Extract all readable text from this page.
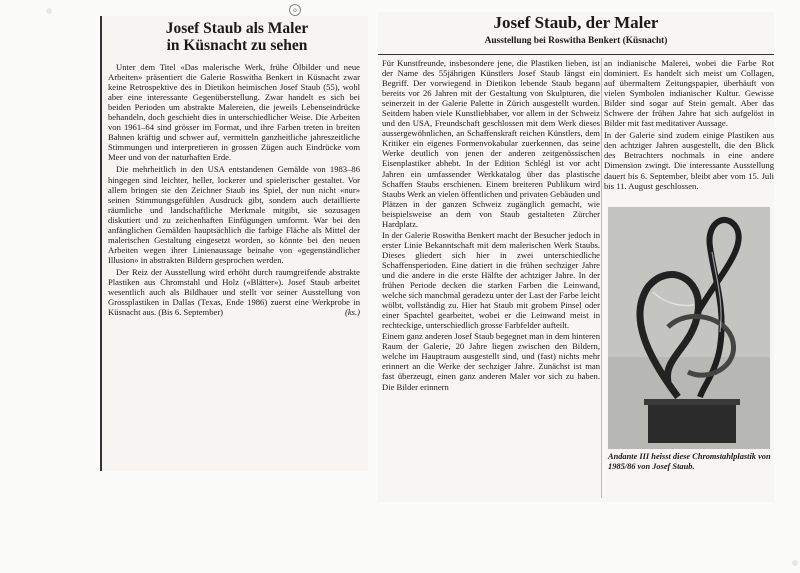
Josef Staub als Maler
in Küsnacht zu sehen

Unter dem Titel «Das malerische Werk, frühe Ölbilder und neue Arbeiten» präsentiert die Galerie Roswitha Benkert in Küsnacht zwar keine Retrospektive des in Dietikon heimischen Josef Staub (55), wohl aber eine interessante Gegenüberstellung. Zwar handelt es sich bei beiden Perioden um abstrakte Malereien, die jeweils Lebenseindrücke behandeln, doch geschieht dies in unterschiedlicher Weise. Die Arbeiten von 1961–64 sind grösser im Format, und ihre Farben treten in breiten Bahnen kräftig und schwer auf, vermitteln ganzheitliche jahreszeitliche Stimmungen und interpretieren in grossen Zügen auch Eindrücke vom Meer und von der naturhaften Erde.

Die mehrheitlich in den USA entstandenen Gemälde von 1983–86 hingegen sind leichter, heller, lockerer und spielerischer gestaltet. Vor allem bringen sie den Zeichner Staub ins Spiel, der nun nicht «nur» seinen Stimmungsgefühlen Ausdruck gibt, sondern auch detaillierte räumliche und landschaftliche Merkmale mitgibt, sie sozusagen diskutiert und zu zeichenhaften Einfügungen umformt. War bei den anfänglichen Gemälden hauptsächlich die farbige Fläche als Mittel der malerischen Gestaltung eingesetzt worden, so könnte bei den neuen Arbeiten wegen ihrer Linienaussage beinahe von «gegenständlicher Illusion» in abstrakten Bildern gesprochen werden.

Der Reiz der Ausstellung wird erhöht durch raumgreifende abstrakte Plastiken aus Chromstahl und Holz («Blätter»). Josef Staub arbeitet wesentlich auch als Bildhauer und stellt vor seiner Ausstellung von Grossplastiken in Dallas (Texas, Ende 1986) zuerst eine Werkprobe in Küsnacht aus. (Bis 6. September)	(ks.)

o
Josef Staub, der Maler
Ausstellung bei Roswitha Benkert (Küsnacht)

Für Kunstfreunde, insbesondere jene, die Plastiken lieben, ist der Name des 55jährigen Künstlers Josef Staub längst ein Begriff. Der vorwiegend in Dietikon lebende Staub begann bereits vor 26 Jahren mit der Gestaltung von Skulpturen, die seinerzeit in der Galerie Palette in Zürich ausgestellt wurden. Seitdem haben viele Kunstliebhaber, vor allem in der Schweiz und den USA, Freundschaft geschlossen mit dem Werk dieses aussergewöhnlichen, an Schaffenskraft reichen Künstlers, dem Kritiker ein eigenes Formenvokabular zuerkennen, das seine Werke deutlich von jenen der anderen zeitgenössischen Eisenplastiker abhebt. In der Edition Schlégl ist vor acht Jahren ein umfassender Werkkatalog über das plastische Schaffen Staubs erschienen. Einem breiteren Publikum wird Staubs Werk an vielen öffentlichen und privaten Gebäuden und Plätzen in der ganzen Schweiz zugänglich gemacht, wie beispielsweise an dem von Staub gestalteten Zürcher Hardplatz.

In der Galerie Roswitha Benkert macht der Besucher jedoch in erster Linie Bekanntschaft mit dem malerischen Werk Staubs. Dieses gliedert sich hier in zwei unterschiedliche Schaffensperioden. Eine datiert in die frühen sechziger Jahre und die andere in die erste Hälfte der achtziger Jahre. In der frühen Periode decken die starken Farben die Leinwand, welche sich manchmal geradezu unter der Last der Farbe leicht wölbt, vollständig zu. Hier hat Staub mit grobem Pinsel oder einer Spachtel gearbeitet, wobei er die Leinwand meist in rechteckige, unterschiedlich grosse Farbfelder aufteilt.

Einem ganz anderen Josef Staub begegnet man in dem hinteren Raum der Galerie, 20 Jahre liegen zwischen den Bildern, welche im Hauptraum ausgestellt sind, und (fast) nichts mehr erinnert an die Werke der sechziger Jahre. Zunächst ist man fast überzeugt, einen ganz anderen Maler vor sich zu haben. Die Bilder erinnern

an indianische Malerei, wobei die Farbe Rot dominiert. Es handelt sich meist um Collagen, auf übermaltem Zeitungspapier, überhäuft von vielen Symbolen indianischer Kultur. Gewisse Bilder sind sogar auf Stein gemalt. Aber das Schwere der frühen Jahre hat sich aufgelöst in Bilder mit fast meditativer Aussage.

In der Galerie sind zudem einige Plastiken aus den achtziger Jahren ausgestellt, die den Blick des Betrachters nochmals in eine andere Dimension zwingt. Die interessante Ausstellung dauert bis 6. September, bleibt aber vom 15. Juli bis 11. August geschlossen.

Andante III heisst diese Chromstahlplastik von 1985/86 von Josef Staub.
